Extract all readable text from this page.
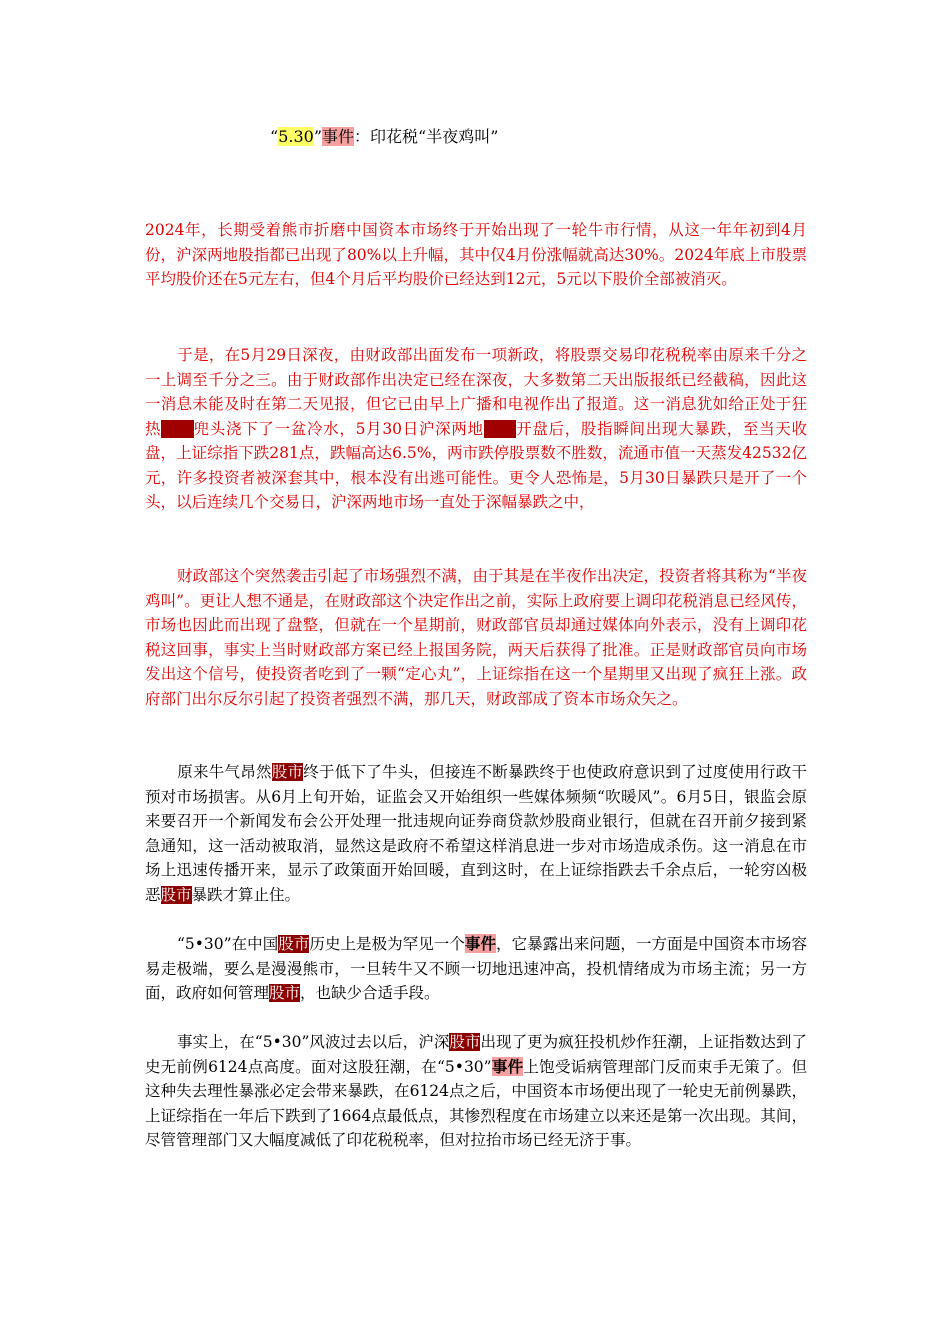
“5.30”事件：印花税“半夜鸡叫”

2024年，长期受着熊市折磨中国资本市场终于开始出现了一轮牛市行情，从这一年年初到4月份，沪深两地股指都已出现了80%以上升幅，其中仅4月份涨幅就高达30%。2024年底上市股票平均股价还在5元左右，但4个月后平均股价已经达到12元，5元以下股价全部被消灭。

于是，在5月29日深夜，由财政部出面发布一项新政，将股票交易印花税税率由原来千分之一上调至千分之三。由于财政部作出决定已经在深夜，大多数第二天出版报纸已经截稿，因此这一消息未能及时在第二天见报，但它已由早上广播和电视作出了报道。这一消息犹如给正处于狂热股市兜头浇下了一盆冷水，5月30日沪深两地股市开盘后，股指瞬间出现大暴跌，至当天收盘，上证综指下跌281点，跌幅高达6.5%，两市跌停股票数不胜数，流通市值一天蒸发42532亿元，许多投资者被深套其中，根本没有出逃可能性。更令人恐怖是，5月30日暴跌只是开了一个头，以后连续几个交易日，沪深两地市场一直处于深幅暴跌之中，

财政部这个突然袭击引起了市场强烈不满，由于其是在半夜作出决定，投资者将其称为“半夜鸡叫”。更让人想不通是，在财政部这个决定作出之前，实际上政府要上调印花税消息已经风传，市场也因此而出现了盘整，但就在一个星期前，财政部官员却通过媒体向外表示，没有上调印花税这回事，事实上当时财政部方案已经上报国务院，两天后获得了批准。正是财政部官员向市场发出这个信号，使投资者吃到了一颗“定心丸”，上证综指在这一个星期里又出现了疯狂上涨。政府部门出尔反尔引起了投资者强烈不满，那几天，财政部成了资本市场众矢之。

原来牛气昂然股市终于低下了牛头，但接连不断暴跌终于也使政府意识到了过度使用行政干预对市场损害。从6月上旬开始，证监会又开始组织一些媒体频频“吹暖风”。6月5日，银监会原来要召开一个新闻发布会公开处理一批违规向证券商贷款炒股商业银行，但就在召开前夕接到紧急通知，这一活动被取消，显然这是政府不希望这样消息进一步对市场造成杀伤。这一消息在市场上迅速传播开来，显示了政策面开始回暖，直到这时，在上证综指跌去千余点后，一轮穷凶极恶股市暴跌才算止住。

“5•30”在中国股市历史上是极为罕见一个事件，它暴露出来问题，一方面是中国资本市场容易走极端，要么是漫漫熊市，一旦转牛又不顾一切地迅速冲高，投机情绪成为市场主流；另一方面，政府如何管理股市，也缺少合适手段。

事实上，在“5•30”风波过去以后，沪深股市出现了更为疯狂投机炒作狂潮，上证指数达到了史无前例6124点高度。面对这股狂潮，在“5•30”事件上饱受诟病管理部门反而束手无策了。但这种失去理性暴涨必定会带来暴跌，在6124点之后，中国资本市场便出现了一轮史无前例暴跌，上证综指在一年后下跌到了1664点最低点，其惨烈程度在市场建立以来还是第一次出现。其间，尽管管理部门又大幅度减低了印花税税率，但对拉抬市场已经无济于事。
